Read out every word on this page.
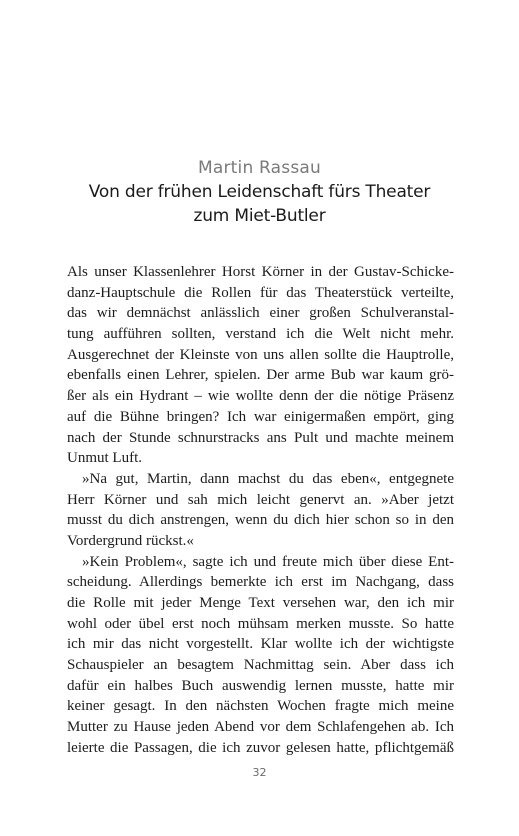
Martin Rassau
Von der frühen Leidenschaft fürs Theater
zum Miet-Butler
Als unser Klassenlehrer Horst Körner in der Gustav-Schicke-
danz-Hauptschule die Rollen für das Theaterstück verteilte,
das wir demnächst anlässlich einer großen Schulveranstal-
tung aufführen sollten, verstand ich die Welt nicht mehr.
Ausgerechnet der Kleinste von uns allen sollte die Hauptrolle,
ebenfalls einen Lehrer, spielen. Der arme Bub war kaum grö-
ßer als ein Hydrant – wie wollte denn der die nötige Präsenz
auf die Bühne bringen? Ich war einigermaßen empört, ging
nach der Stunde schnurstracks ans Pult und machte meinem
Unmut Luft.
»Na gut, Martin, dann machst du das eben«, entgegnete
Herr Körner und sah mich leicht genervt an. »Aber jetzt
musst du dich anstrengen, wenn du dich hier schon so in den
Vordergrund rückst.«
»Kein Problem«, sagte ich und freute mich über diese Ent-
scheidung. Allerdings bemerkte ich erst im Nachgang, dass
die Rolle mit jeder Menge Text versehen war, den ich mir
wohl oder übel erst noch mühsam merken musste. So hatte
ich mir das nicht vorgestellt. Klar wollte ich der wichtigste
Schauspieler an besagtem Nachmittag sein. Aber dass ich
dafür ein halbes Buch auswendig lernen musste, hatte mir
keiner gesagt. In den nächsten Wochen fragte mich meine
Mutter zu Hause jeden Abend vor dem Schlafengehen ab. Ich
leierte die Passagen, die ich zuvor gelesen hatte, pflichtgemäß
32
